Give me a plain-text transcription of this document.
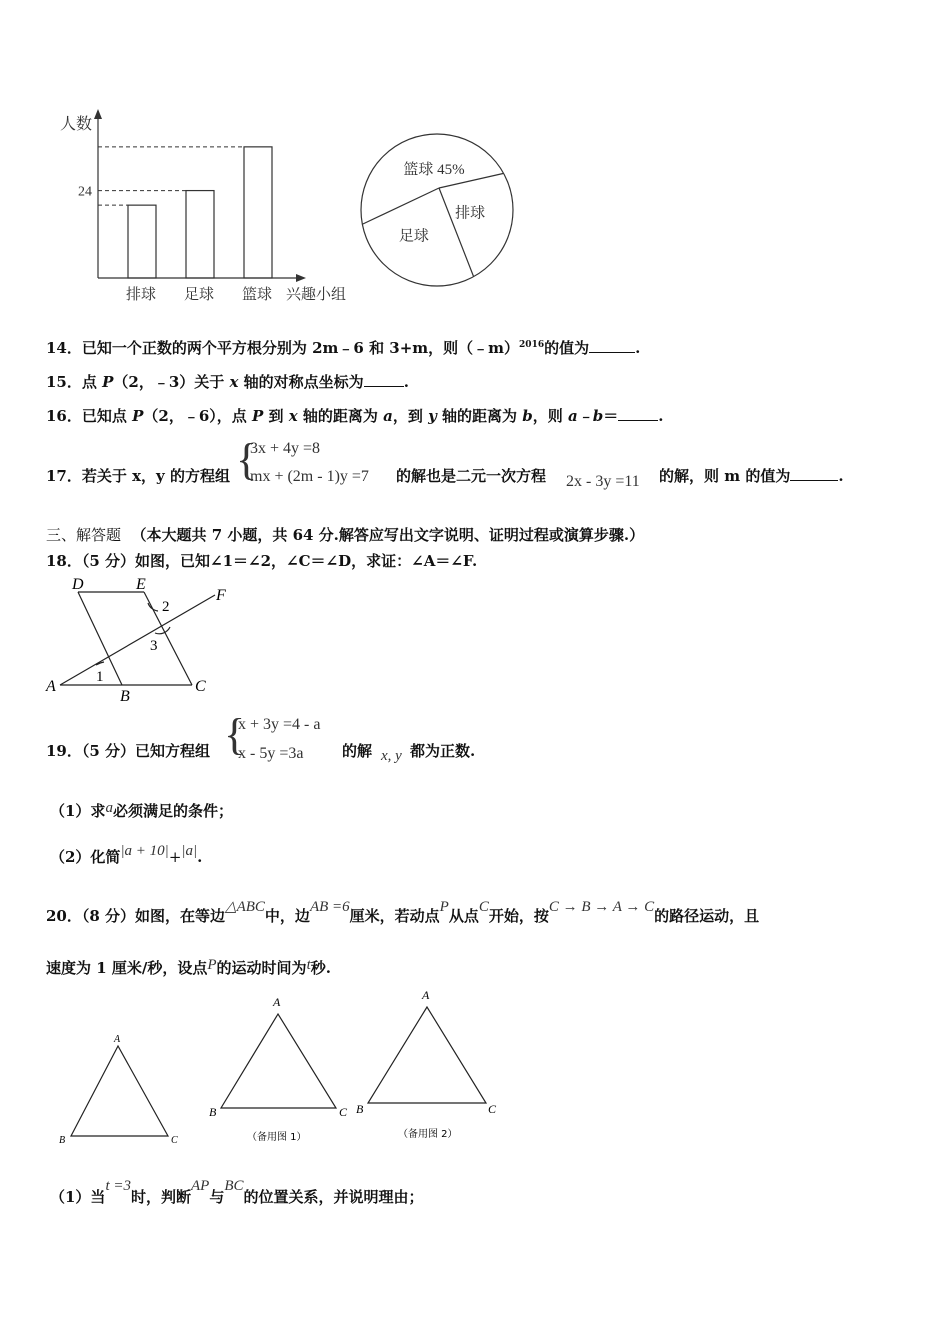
人数
24
排球 足球 篮球 兴趣小组
篮球 45%
排球
足球
14．已知一个正数的两个平方根分别为 2m﹣6 和 3+m，则（﹣m）$^{2016}$的值为	.
15．点 P（2，﹣3）关于 x 轴的对称点坐标为	.
16．已知点 P（2，﹣6），点 P 到 x 轴的距离为 a，到 y 轴的距离为 b，则 a﹣b＝	.
17．若关于 x，y 的方程组 {
3x + 4y =8
mx + (2m - 1)y =7 的解也是二元一次方程 2x - 3y =11 的解，则 m 的值为	.
三、解答题 （本大题共 7 小题，共 64 分.解答应写出文字说明、证明过程或演算步骤.）
18．（5 分）如图，已知∠1＝∠2，∠C＝∠D，求证：∠A＝∠F.
D	E
F
A
B
C
1
2
3
19．（5 分）已知方程组 {
x + 3y =4 - a
x - 5y =3a	的解 x, y 都为正数.
（1）求a必须满足的条件；
（2）化简|a + 10|+|a|.
20．（8 分）如图，在等边△ABC中，边AB =6厘米，若动点P从点C开始，按C → B → A → C的路径运动，且
速度为 1 厘米/秒，设点P的运动时间为t秒.
A
B	C
A
B	C
（备用图 1）
A
B	C
（备用图 2）
（1）当t =3时，判断AP与BC的位置关系，并说明理由；
